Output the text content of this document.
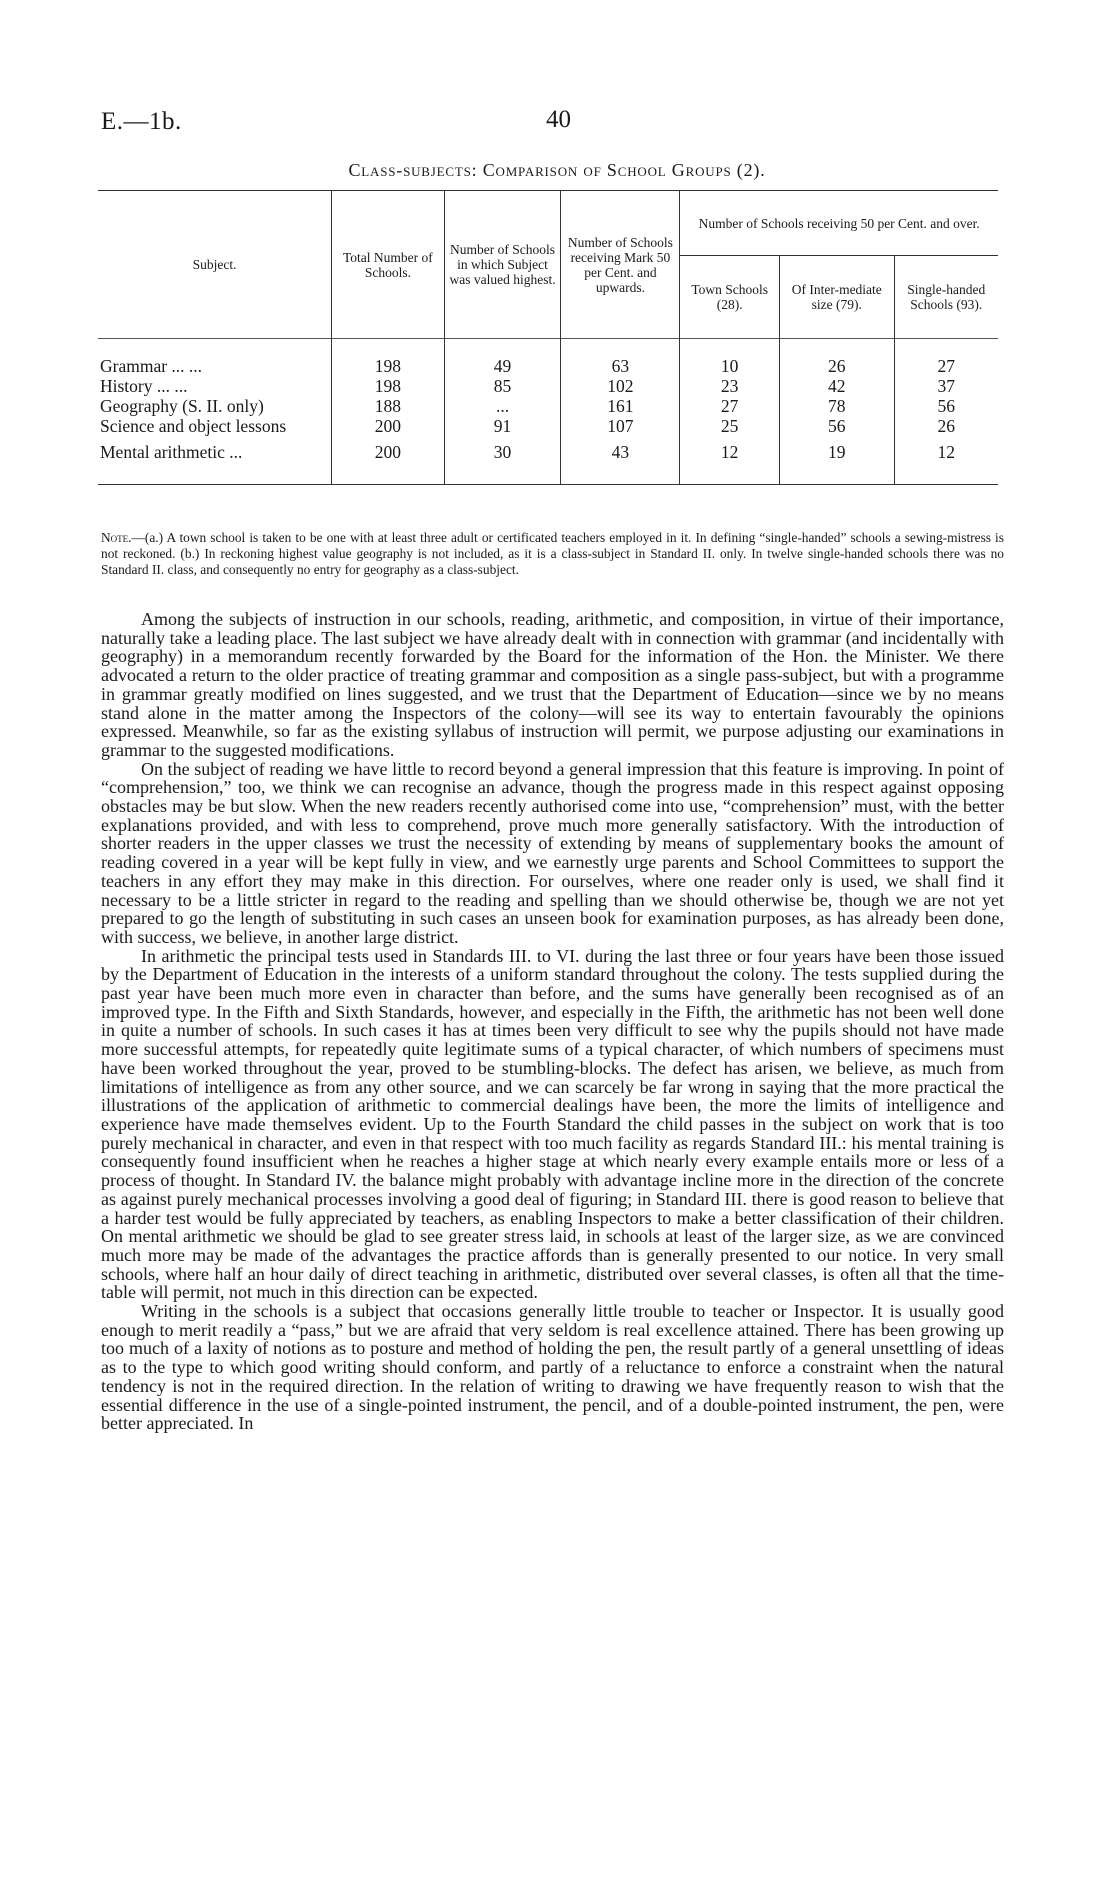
E.—1b.	40
Class-subjects: Comparison of School Groups (2).
Subject.	Total Number of Schools.	Number of Schools in which Subject was valued highest.	Number of Schools receiving Mark 50 per Cent. and upwards.	Number of Schools receiving 50 per Cent. and over.		
				Town Schools (28).	Of Inter-mediate size (79).	Single-handed Schools (93).
Grammar ... ...	198	49	63	10	26	27
History ... ...	198	85	102	23	42	37
Geography (S. II. only)	188	...	161	27	78	56
Science and object lessons	200	91	107	25	56	26
Mental arithmetic ...	200	30	43	12	19	12
Note.—(a.) A town school is taken to be one with at least three adult or certificated teachers employed in it. In defining “single-handed” schools a sewing-mistress is not reckoned. (b.) In reckoning highest value geography is not included, as it is a class-subject in Standard II. only. In twelve single-handed schools there was no Standard II. class, and consequently no entry for geography as a class-subject.

Among the subjects of instruction in our schools, reading, arithmetic, and composition, in virtue of their importance, naturally take a leading place. The last subject we have already dealt with in connection with grammar (and incidentally with geography) in a memorandum recently forwarded by the Board for the information of the Hon. the Minister. We there advocated a return to the older practice of treating grammar and composition as a single pass-subject, but with a programme in grammar greatly modified on lines suggested, and we trust that the Department of Education—since we by no means stand alone in the matter among the Inspectors of the colony—will see its way to entertain favourably the opinions expressed. Meanwhile, so far as the existing syllabus of instruction will permit, we purpose adjusting our examinations in grammar to the suggested modifications.

On the subject of reading we have little to record beyond a general impression that this feature is improving. In point of “comprehension,” too, we think we can recognise an advance, though the progress made in this respect against opposing obstacles may be but slow. When the new readers recently authorised come into use, “comprehension” must, with the better explanations provided, and with less to comprehend, prove much more generally satisfactory. With the introduction of shorter readers in the upper classes we trust the necessity of extending by means of supplementary books the amount of reading covered in a year will be kept fully in view, and we earnestly urge parents and School Committees to support the teachers in any effort they may make in this direction. For ourselves, where one reader only is used, we shall find it necessary to be a little stricter in regard to the reading and spelling than we should otherwise be, though we are not yet prepared to go the length of substituting in such cases an unseen book for examination purposes, as has already been done, with success, we believe, in another large district.

In arithmetic the principal tests used in Standards III. to VI. during the last three or four years have been those issued by the Department of Education in the interests of a uniform standard throughout the colony. The tests supplied during the past year have been much more even in character than before, and the sums have generally been recognised as of an improved type. In the Fifth and Sixth Standards, however, and especially in the Fifth, the arithmetic has not been well done in quite a number of schools. In such cases it has at times been very difficult to see why the pupils should not have made more successful attempts, for repeatedly quite legitimate sums of a typical character, of which numbers of specimens must have been worked throughout the year, proved to be stumbling-blocks. The defect has arisen, we believe, as much from limitations of intelligence as from any other source, and we can scarcely be far wrong in saying that the more practical the illustrations of the application of arithmetic to commercial dealings have been, the more the limits of intelligence and experience have made themselves evident. Up to the Fourth Standard the child passes in the subject on work that is too purely mechanical in character, and even in that respect with too much facility as regards Standard III.: his mental training is consequently found insufficient when he reaches a higher stage at which nearly every example entails more or less of a process of thought. In Standard IV. the balance might probably with advantage incline more in the direction of the concrete as against purely mechanical processes involving a good deal of figuring; in Standard III. there is good reason to believe that a harder test would be fully appreciated by teachers, as enabling Inspectors to make a better classification of their children. On mental arithmetic we should be glad to see greater stress laid, in schools at least of the larger size, as we are convinced much more may be made of the advantages the practice affords than is generally presented to our notice. In very small schools, where half an hour daily of direct teaching in arithmetic, distributed over several classes, is often all that the time-table will permit, not much in this direction can be expected.

Writing in the schools is a subject that occasions generally little trouble to teacher or Inspector. It is usually good enough to merit readily a “pass,” but we are afraid that very seldom is real excellence attained. There has been growing up too much of a laxity of notions as to posture and method of holding the pen, the result partly of a general unsettling of ideas as to the type to which good writing should conform, and partly of a reluctance to enforce a constraint when the natural tendency is not in the required direction. In the relation of writing to drawing we have frequently reason to wish that the essential difference in the use of a single-pointed instrument, the pencil, and of a double-pointed instrument, the pen, were better appreciated. In
